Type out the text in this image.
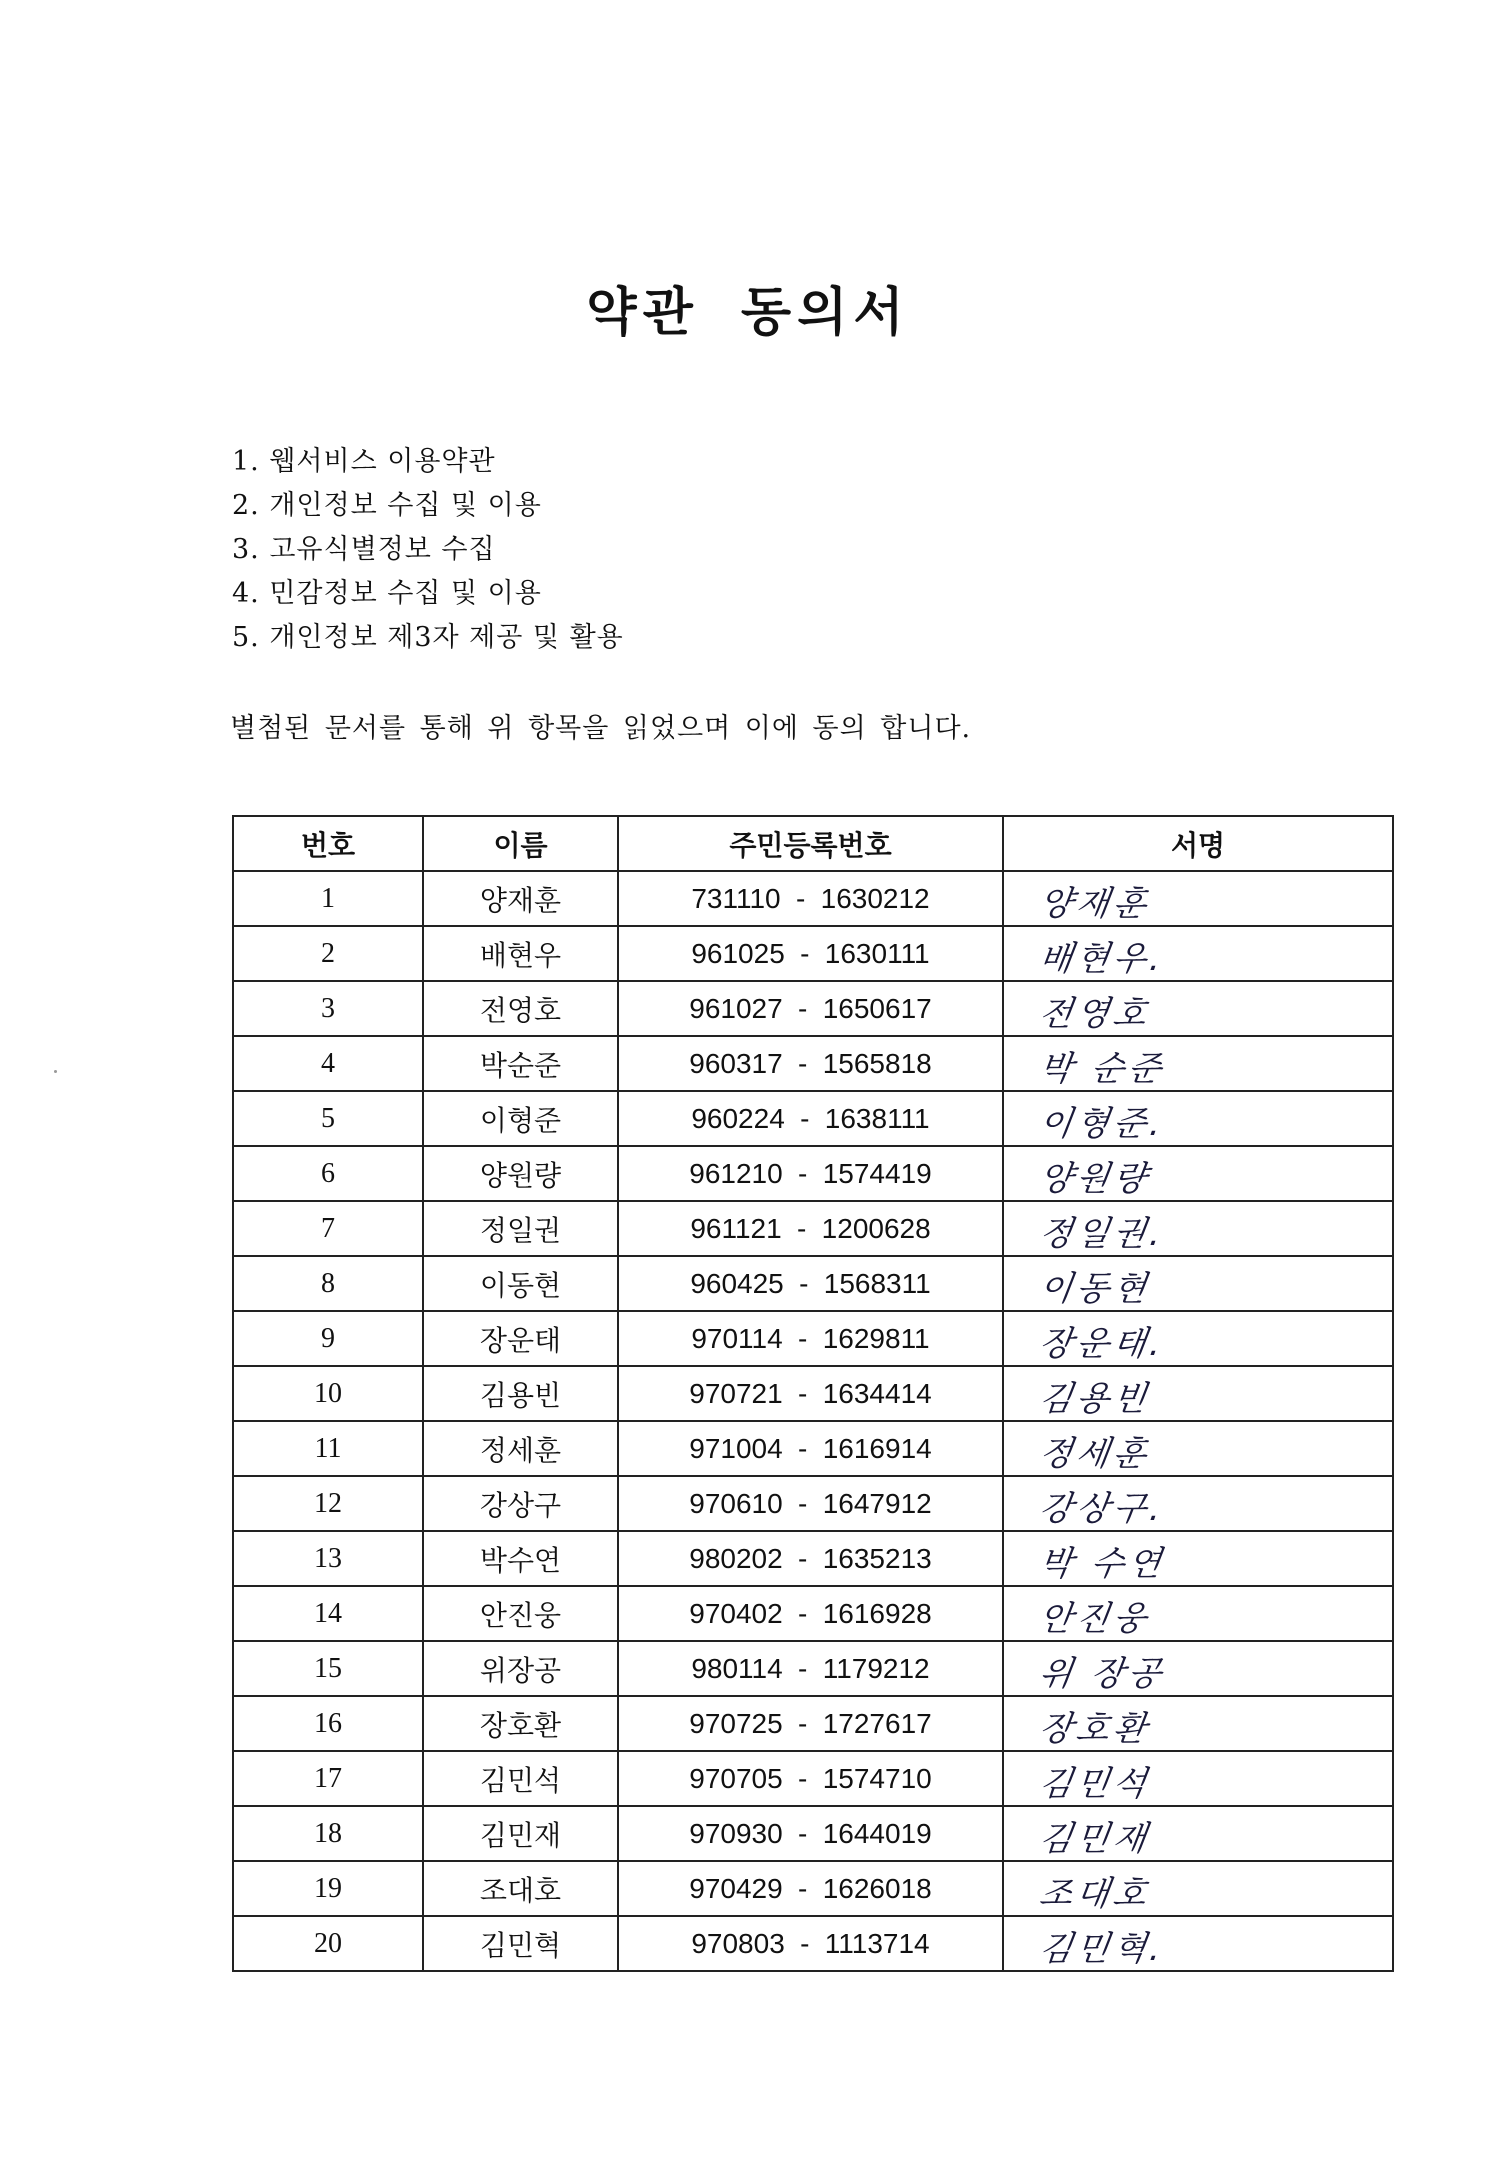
약관 동의서
1. 웹서비스 이용약관
2. 개인정보 수집 및 이용
3. 고유식별정보 수집
4. 민감정보 수집 및 이용
5. 개인정보 제3자 제공 및 활용

별첨된 문서를 통해 위 항목을 읽었으며 이에 동의 합니다.

번호	이름	주민등록번호	서명
1	양재훈	731110 - 1630212	양재훈

2	배현우	961025 - 1630111	배현우.

3	전영호	961027 - 1650617	전영호

4	박순준	960317 - 1565818	박 순준

5	이형준	960224 - 1638111	이형준.

6	양원량	961210 - 1574419	양원량

7	정일권	961121 - 1200628	정일권.

8	이동현	960425 - 1568311	이동현

9	장운태	970114 - 1629811	장운태.

10	김용빈	970721 - 1634414	김용빈

11	정세훈	971004 - 1616914	정세훈

12	강상구	970610 - 1647912	강상구.

13	박수연	980202 - 1635213	박 수연

14	안진웅	970402 - 1616928	안진웅

15	위장공	980114 - 1179212	위 장공

16	장호환	970725 - 1727617	장호환

17	김민석	970705 - 1574710	김민석

18	김민재	970930 - 1644019	김민재

19	조대호	970429 - 1626018	조대호

20	김민혁	970803 - 1113714	김민혁.
